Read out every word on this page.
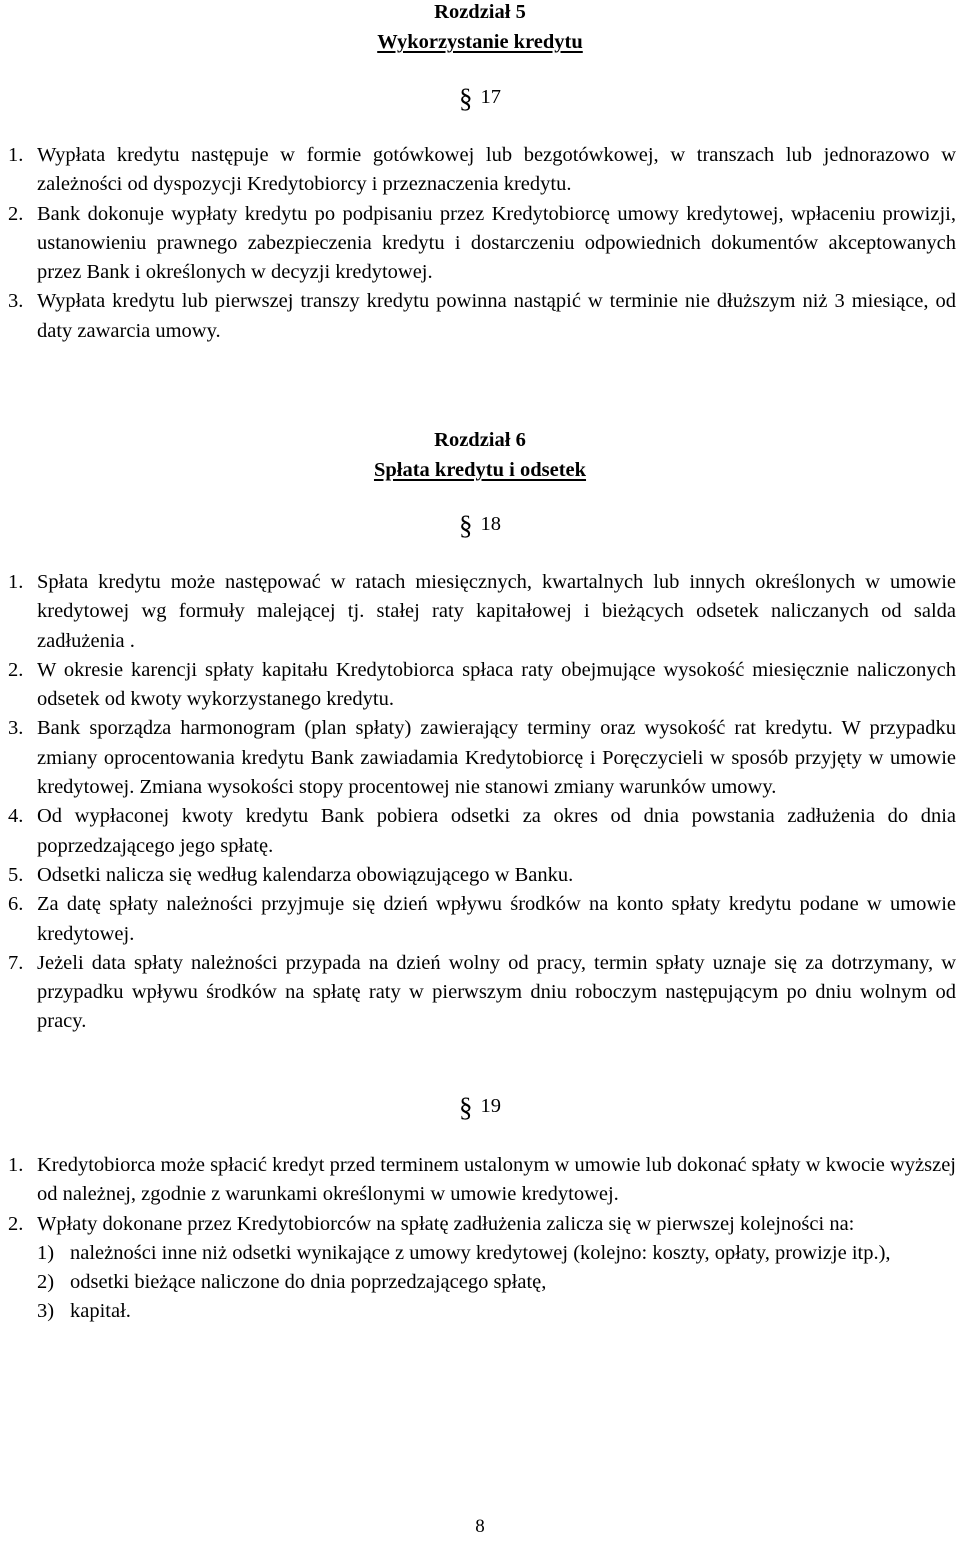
Rozdział 5
Wykorzystanie kredytu
§ 17
1. Wypłata kredytu następuje w formie gotówkowej lub bezgotówkowej, w transzach lub jednorazowo w zależności od dyspozycji Kredytobiorcy i przeznaczenia kredytu.
2. Bank dokonuje wypłaty kredytu po podpisaniu przez Kredytobiorcę umowy kredytowej, wpłaceniu prowizji, ustanowieniu prawnego zabezpieczenia kredytu i dostarczeniu odpowiednich dokumentów akceptowanych przez Bank i określonych w decyzji kredytowej.
3. Wypłata kredytu lub pierwszej transzy kredytu powinna nastąpić w terminie nie dłuższym niż 3 miesiące, od daty zawarcia umowy.
Rozdział 6
Spłata kredytu i odsetek
§ 18
1. Spłata kredytu może następować w ratach miesięcznych, kwartalnych lub innych określonych w umowie kredytowej wg formuły malejącej tj. stałej raty kapitałowej i bieżących odsetek naliczanych od salda zadłużenia .
2. W okresie karencji spłaty kapitału Kredytobiorca spłaca raty obejmujące wysokość miesięcznie naliczonych odsetek od kwoty wykorzystanego kredytu.
3. Bank sporządza harmonogram (plan spłaty) zawierający terminy oraz wysokość rat kredytu. W przypadku zmiany oprocentowania kredytu Bank zawiadamia Kredytobiorcę i Poręczycieli w sposób przyjęty w umowie kredytowej. Zmiana wysokości stopy procentowej nie stanowi zmiany warunków umowy.
4. Od wypłaconej kwoty kredytu Bank pobiera odsetki za okres od dnia powstania zadłużenia do dnia poprzedzającego jego spłatę.
5. Odsetki nalicza się według kalendarza obowiązującego w Banku.
6. Za datę spłaty należności przyjmuje się dzień wpływu środków na konto spłaty kredytu podane w umowie kredytowej.
7. Jeżeli data spłaty należności przypada na dzień wolny od pracy, termin spłaty uznaje się za dotrzymany, w przypadku wpływu środków na spłatę raty w pierwszym dniu roboczym następującym po dniu wolnym od pracy.
§ 19
1. Kredytobiorca może spłacić kredyt przed terminem ustalonym w umowie lub dokonać spłaty w kwocie wyższej od należnej, zgodnie z warunkami określonymi w umowie kredytowej.
2. Wpłaty dokonane przez Kredytobiorców na spłatę zadłużenia zalicza się w pierwszej kolejności na:
1) należności inne niż odsetki wynikające z umowy kredytowej (kolejno: koszty, opłaty, prowizje itp.),
2) odsetki bieżące naliczone do dnia poprzedzającego spłatę,
3) kapitał.
8
